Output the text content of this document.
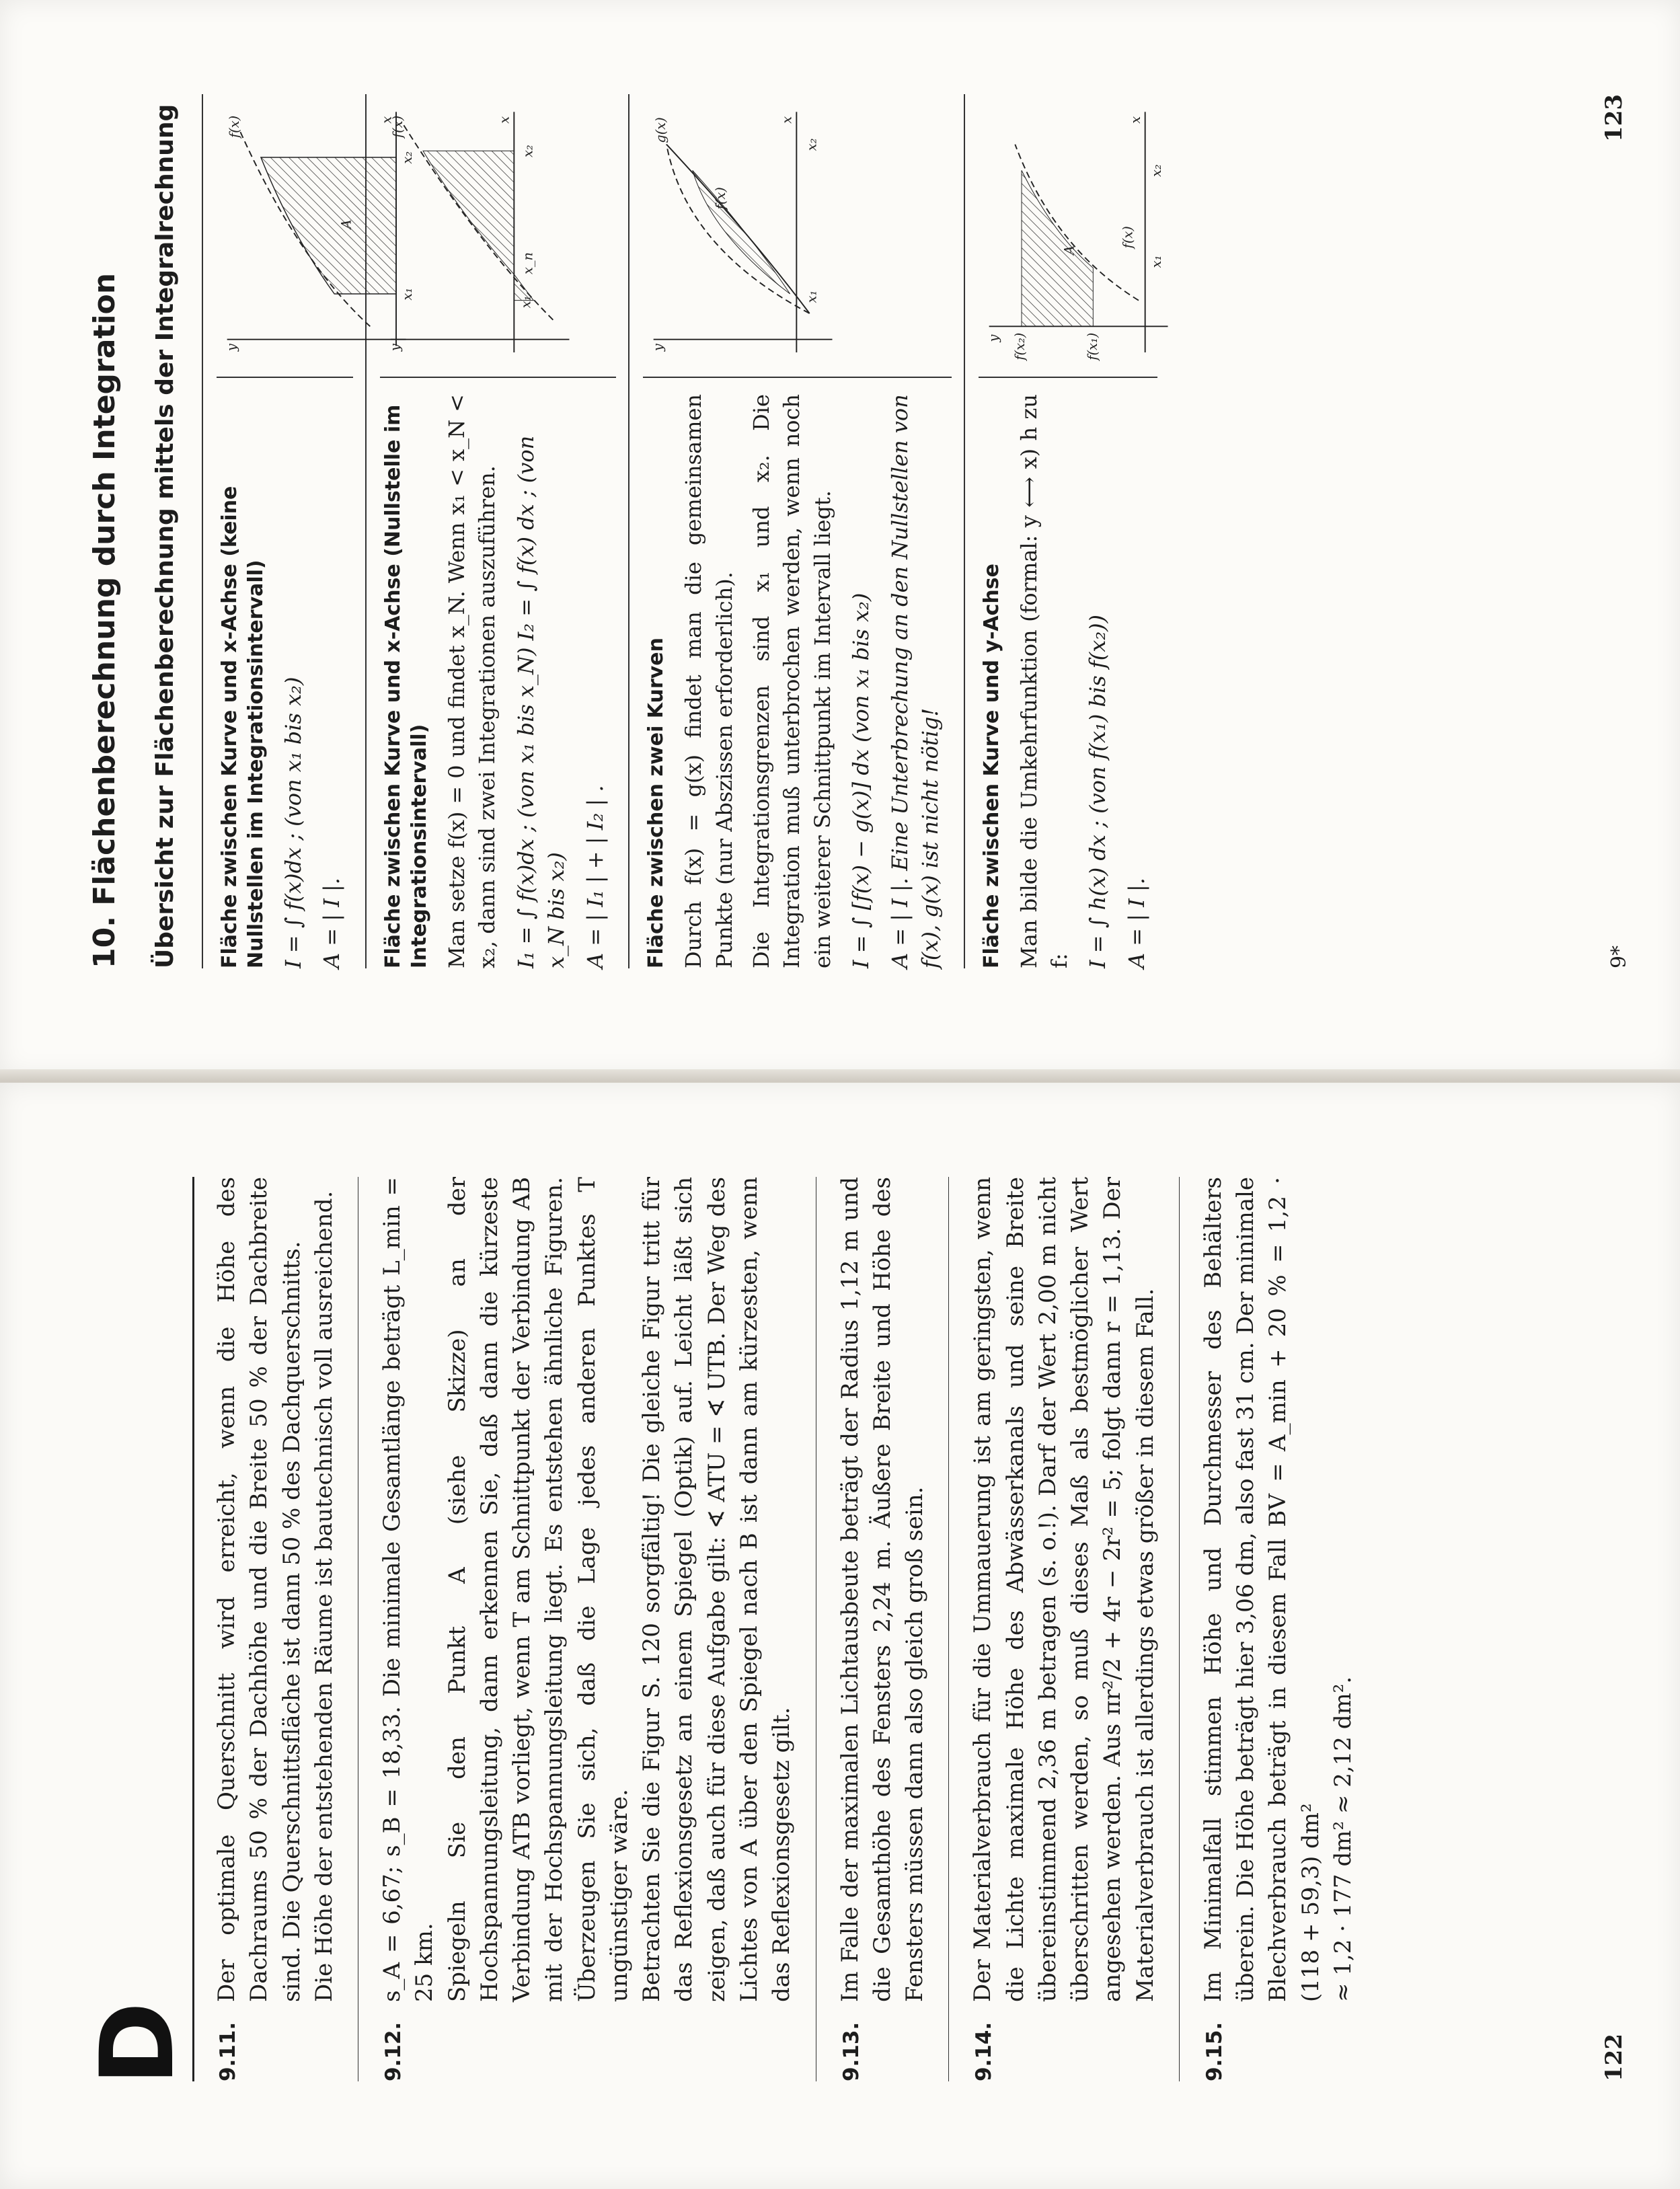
D 9.11.

Der optimale Querschnitt wird erreicht, wenn die Höhe des Dachraums 50 % der Dachhöhe und die Breite 50 % der Dachbreite sind. Die Querschnittsfläche ist dann 50 % des Dachquerschnitts. Die Höhe der entstehenden Räume ist bautechnisch voll ausreichend.

9.12.

s_A = 6,67; s_B = 18,33. Die minimale Gesamtlänge beträgt L_min = 25 km. Spiegeln Sie den Punkt A (siehe Skizze) an der Hochspannungsleitung, dann erkennen Sie, daß dann die kürzeste Verbindung ATB vorliegt, wenn T am Schnittpunkt der Verbindung AB mit der Hochspannungsleitung liegt. Es entstehen ähnliche Figuren. Überzeugen Sie sich, daß die Lage jedes anderen Punktes T ungünstiger wäre. Betrachten Sie die Figur S. 120 sorgfältig! Die gleiche Figur tritt für das Reflexionsgesetz an einem Spiegel (Optik) auf. Leicht läßt sich zeigen, daß auch für diese Aufgabe gilt: ∢ ATU = ∢ UTB. Der Weg des Lichtes von A über den Spiegel nach B ist dann am kürzesten, wenn das Reflexionsgesetz gilt.

9.13.

Im Falle der maximalen Lichtausbeute beträgt der Radius 1,12 m und die Gesamthöhe des Fensters 2,24 m. Äußere Breite und Höhe des Fensters müssen dann also gleich groß sein.

9.14.

Der Materialverbrauch für die Ummauerung ist am geringsten, wenn die Lichte maximale Höhe des Abwässerkanals und seine Breite übereinstimmend 2,36 m betragen (s. o.!). Darf der Wert 2,00 m nicht überschritten werden, so muß dieses Maß als bestmöglicher Wert angesehen werden. Aus πr²/2 + 4r − 2r² = 5; folgt dann r = 1,13. Der Materialverbrauch ist allerdings etwas größer in diesem Fall.

9.15.

Im Minimalfall stimmen Höhe und Durchmesser des Behälters überein. Die Höhe beträgt hier 3,06 dm, also fast 31 cm. Der minimale Blechverbrauch beträgt in diesem Fall BV = A_min + 20 % = 1,2 · (118 + 59,3) dm² ≈ 1,2 · 177 dm² ≈ 2,12 dm².

122
10. Flächenberechnung durch Integration Übersicht zur Flächenberechnung mittels der Integralrechnung Fläche zwischen Kurve und x-Achse (keine Nullstellen im Integrationsintervall) I = ∫ f(x)dx ; (von x₁ bis x₂) A = | I |.
y
x
f(x)
A
x₁
x₂
Fläche zwischen Kurve und x-Achse (Nullstelle im Integrationsintervall) Man setze f(x) = 0 und findet x_N. Wenn x₁ < x_N < x₂, dann sind zwei Integrationen auszuführen. I₁ = ∫ f(x)dx ; (von x₁ bis x_N) I₂ = ∫ f(x) dx ; (von x_N bis x₂) A = | I₁ | + | I₂ | .
y
x
f(x)
x₁
x_n
x₂
Fläche zwischen zwei Kurven Durch f(x) = g(x) findet man die gemeinsamen Punkte (nur Abszissen erforderlich). Die Integrationsgrenzen sind x₁ und x₂. Die Integration muß unterbrochen werden, wenn noch ein weiterer Schnittpunkt im Intervall liegt. I = ∫ [f(x) − g(x)] dx (von x₁ bis x₂) A = | I |. Eine Unterbrechung an den Nullstellen von f(x), g(x) ist nicht nötig!
y
x
g(x)
f(x)
x₁
x₂
Fläche zwischen Kurve und y-Achse Man bilde die Umkehrfunktion (formal: y ⟷ x) h zu f: I = ∫ h(x) dx ; (von f(x₁) bis f(x₂)) A = | I |.
y
x
f(x₂)	f(x₁)
A
f(x)
x₁
x₂
9*
123
